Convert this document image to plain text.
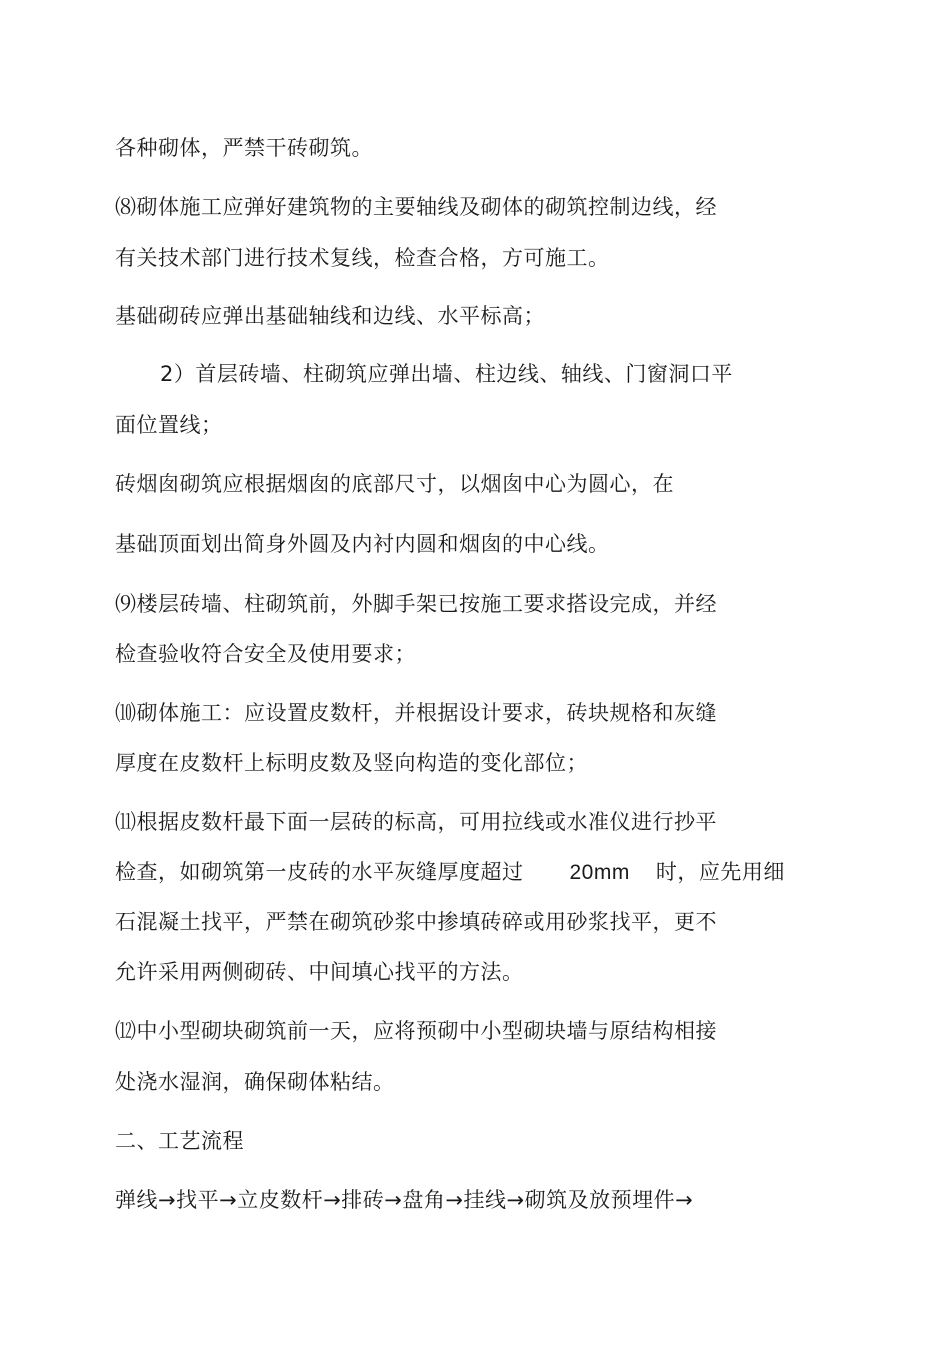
各种砌体，严禁干砖砌筑。
⑻砌体施工应弹好建筑物的主要轴线及砌体的砌筑控制边线，经
有关技术部门进行技术复线，检查合格，方可施工。
基础砌砖应弹出基础轴线和边线、水平标高；
2）首层砖墙、柱砌筑应弹出墙、柱边线、轴线、门窗洞口平
面位置线；
砖烟囱砌筑应根据烟囱的底部尺寸，以烟囱中心为圆心，在
基础顶面划出简身外圆及内衬内圆和烟囱的中心线。
⑼楼层砖墙、柱砌筑前，外脚手架已按施工要求搭设完成，并经
检查验收符合安全及使用要求；
⑽砌体施工：应设置皮数杆，并根据设计要求，砖块规格和灰缝
厚度在皮数杆上标明皮数及竖向构造的变化部位；
⑾根据皮数杆最下面一层砖的标高，可用拉线或水准仪进行抄平
检查，如砌筑第一皮砖的水平灰缝厚度超过 20mm 时，应先用细
石混凝土找平，严禁在砌筑砂浆中掺填砖碎或用砂浆找平，更不
允许采用两侧砌砖、中间填心找平的方法。
⑿中小型砌块砌筑前一天，应将预砌中小型砌块墙与原结构相接
处浇水湿润，确保砌体粘结。
二、工艺流程
弹线→找平→立皮数杆→排砖→盘角→挂线→砌筑及放预埋件→
